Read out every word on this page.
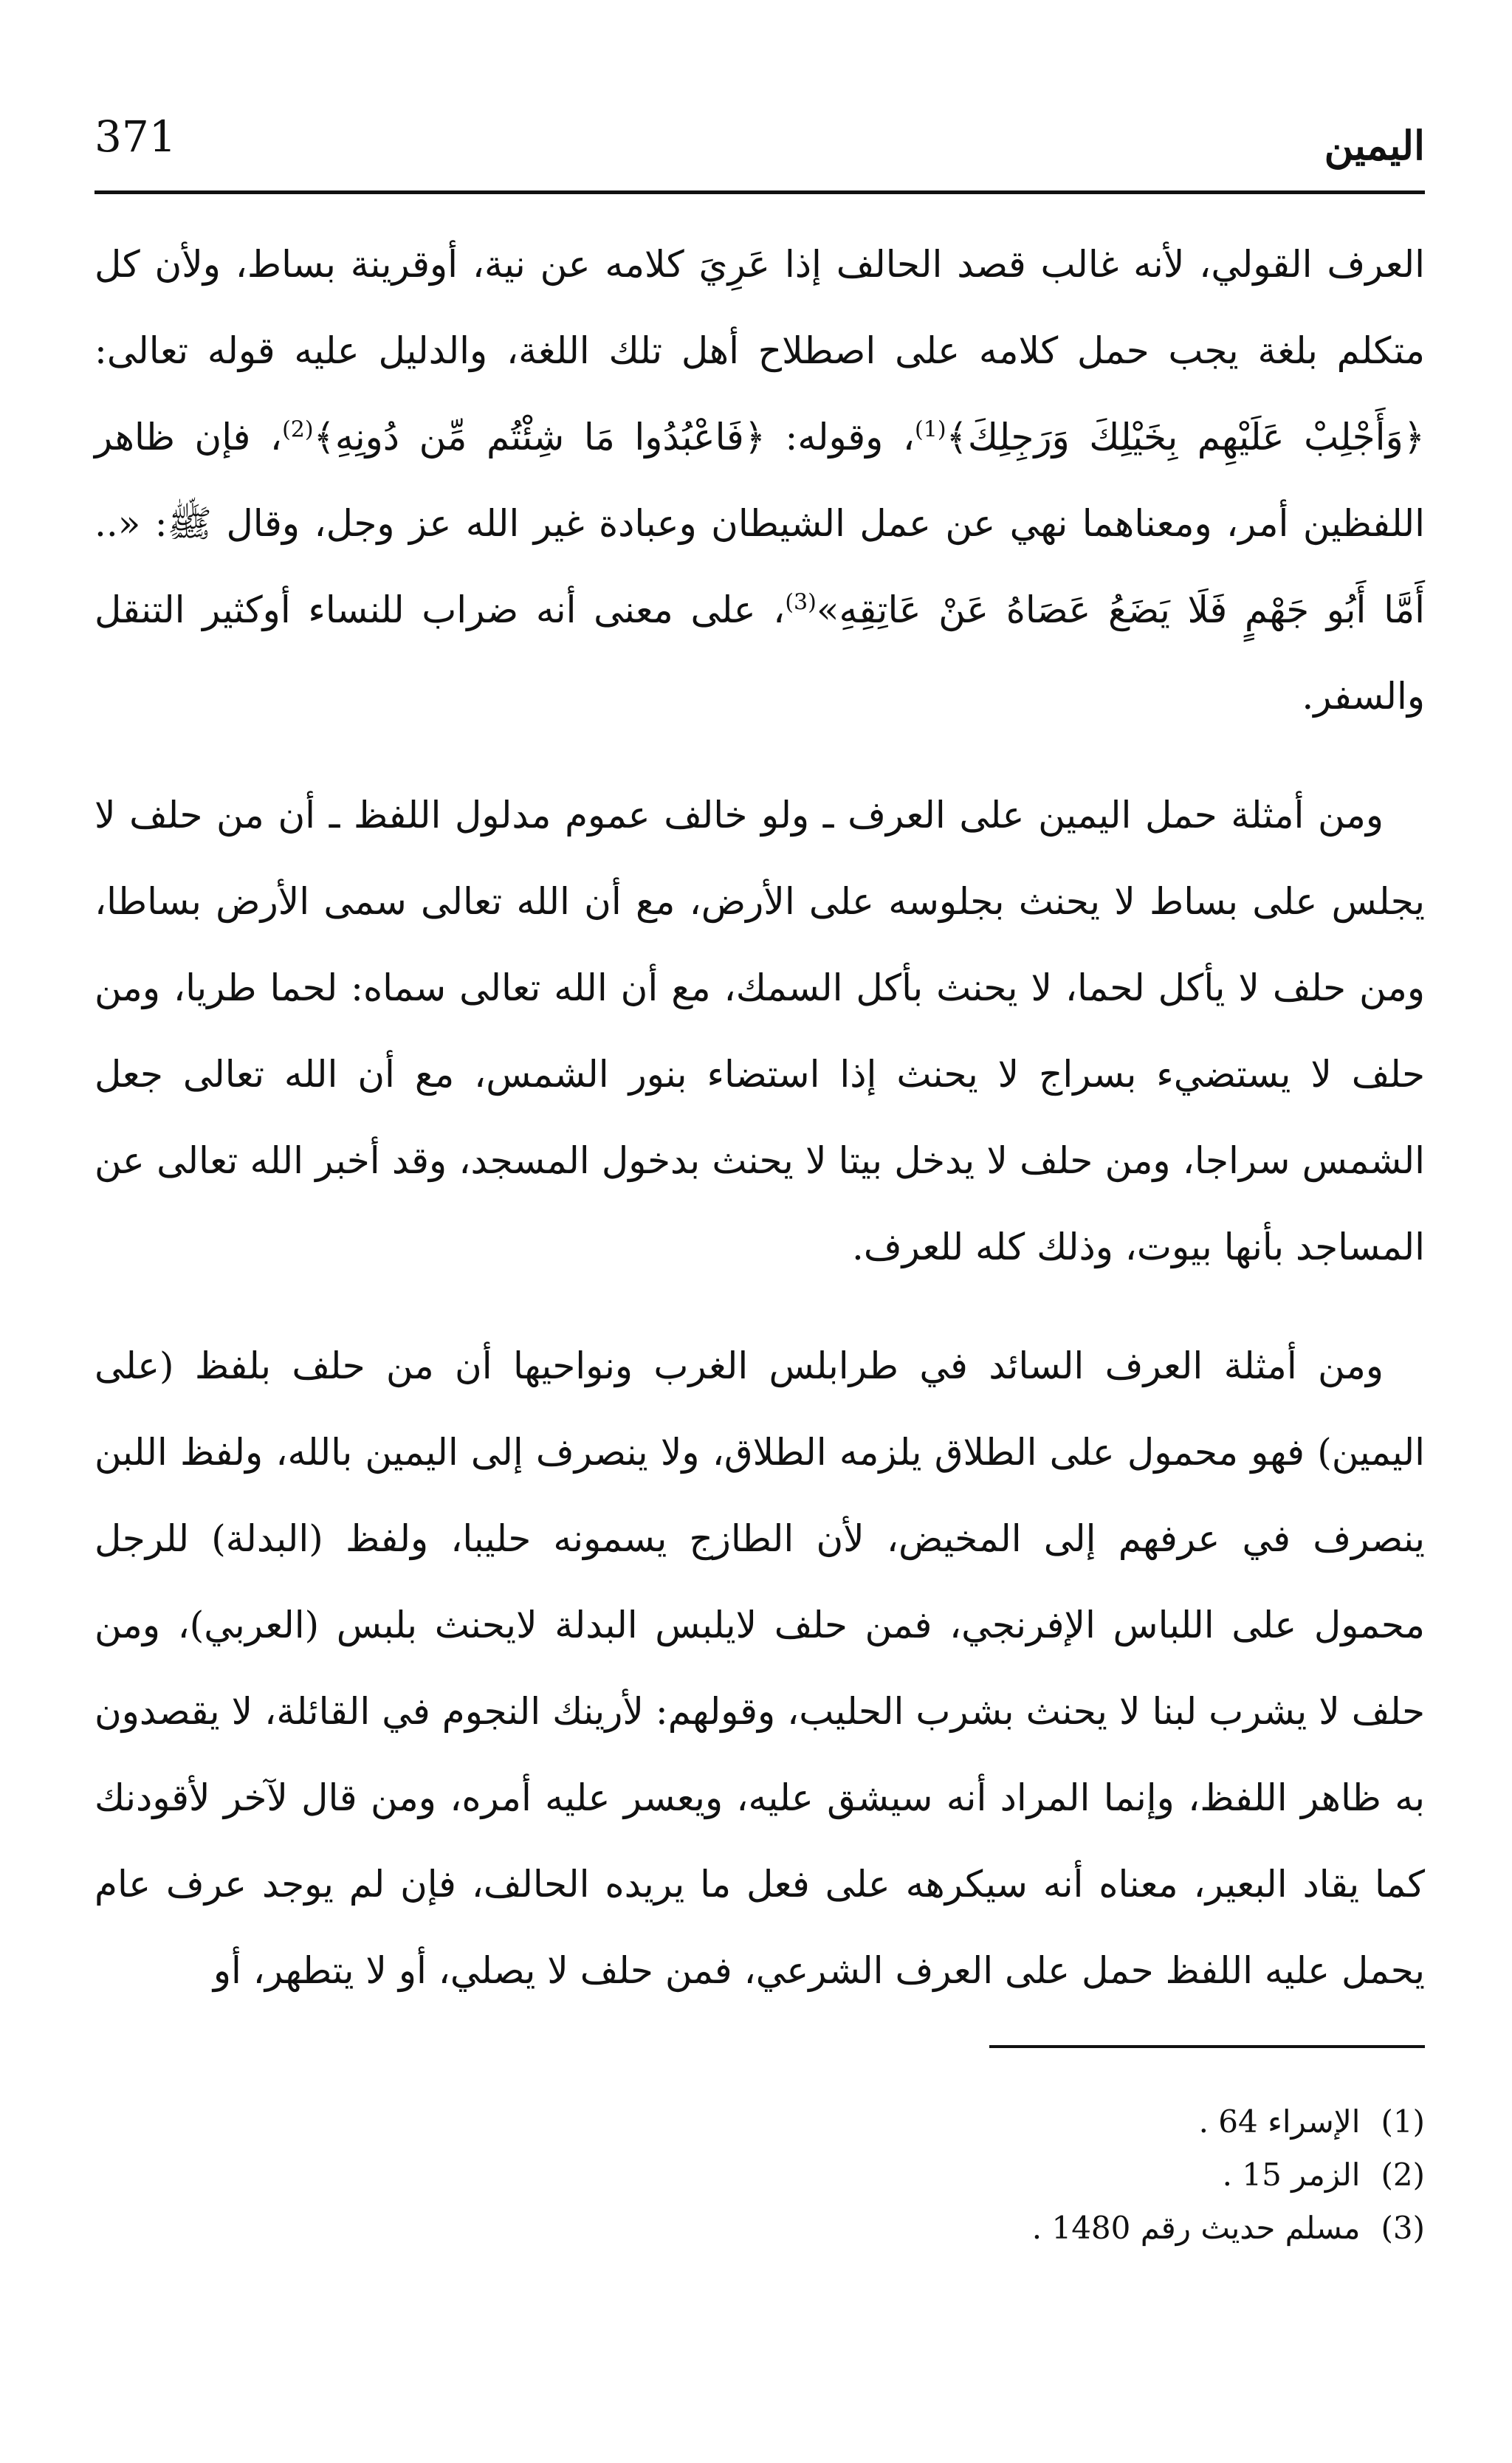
371	اليمين

العرف القولي، لأنه غالب قصد الحالف إذا عَرِيَ كلامه عن نية، أوقرينة بساط، ولأن كل متكلم بلغة يجب حمل كلامه على اصطلاح أهل تلك اللغة، والدليل عليه قوله تعالى: ﴿وَأَجْلِبْ عَلَيْهِم بِخَيْلِكَ وَرَجِلِكَ﴾$^{(1)}$، وقوله: ﴿فَاعْبُدُوا مَا شِئْتُم مِّن دُونِهِ﴾$^{(2)}$، فإن ظاهر اللفظين أمر، ومعناهما نهي عن عمل الشيطان وعبادة غير الله عز وجل، وقال ﷺ: «.. أَمَّا أَبُو جَهْمٍ فَلَا يَضَعُ عَصَاهُ عَنْ عَاتِقِهِ»$^{(3)}$، على معنى أنه ضراب للنساء أوكثير التنقل والسفر.

ومن أمثلة حمل اليمين على العرف ـ ولو خالف عموم مدلول اللفظ ـ أن من حلف لا يجلس على بساط لا يحنث بجلوسه على الأرض، مع أن الله تعالى سمى الأرض بساطا، ومن حلف لا يأكل لحما، لا يحنث بأكل السمك، مع أن الله تعالى سماه: لحما طريا، ومن حلف لا يستضيء بسراج لا يحنث إذا استضاء بنور الشمس، مع أن الله تعالى جعل الشمس سراجا، ومن حلف لا يدخل بيتا لا يحنث بدخول المسجد، وقد أخبر الله تعالى عن المساجد بأنها بيوت، وذلك كله للعرف.

ومن أمثلة العرف السائد في طرابلس الغرب ونواحيها أن من حلف بلفظ (على اليمين) فهو محمول على الطلاق يلزمه الطلاق، ولا ينصرف إلى اليمين بالله، ولفظ اللبن ينصرف في عرفهم إلى المخيض، لأن الطازج يسمونه حليبا، ولفظ (البدلة) للرجل محمول على اللباس الإفرنجي، فمن حلف لايلبس البدلة لايحنث بلبس (العربي)، ومن حلف لا يشرب لبنا لا يحنث بشرب الحليب، وقولهم: لأرينك النجوم في القائلة، لا يقصدون به ظاهر اللفظ، وإنما المراد أنه سيشق عليه، ويعسر عليه أمره، ومن قال لآخر لأقودنك كما يقاد البعير، معناه أنه سيكرهه على فعل ما يريده الحالف، فإن لم يوجد عرف عام يحمل عليه اللفظ حمل على العرف الشرعي، فمن حلف لا يصلي، أو لا يتطهر، أو

(1)الإسراء 64 .
(2)الزمر 15 .
(3)مسلم حديث رقم 1480 .
